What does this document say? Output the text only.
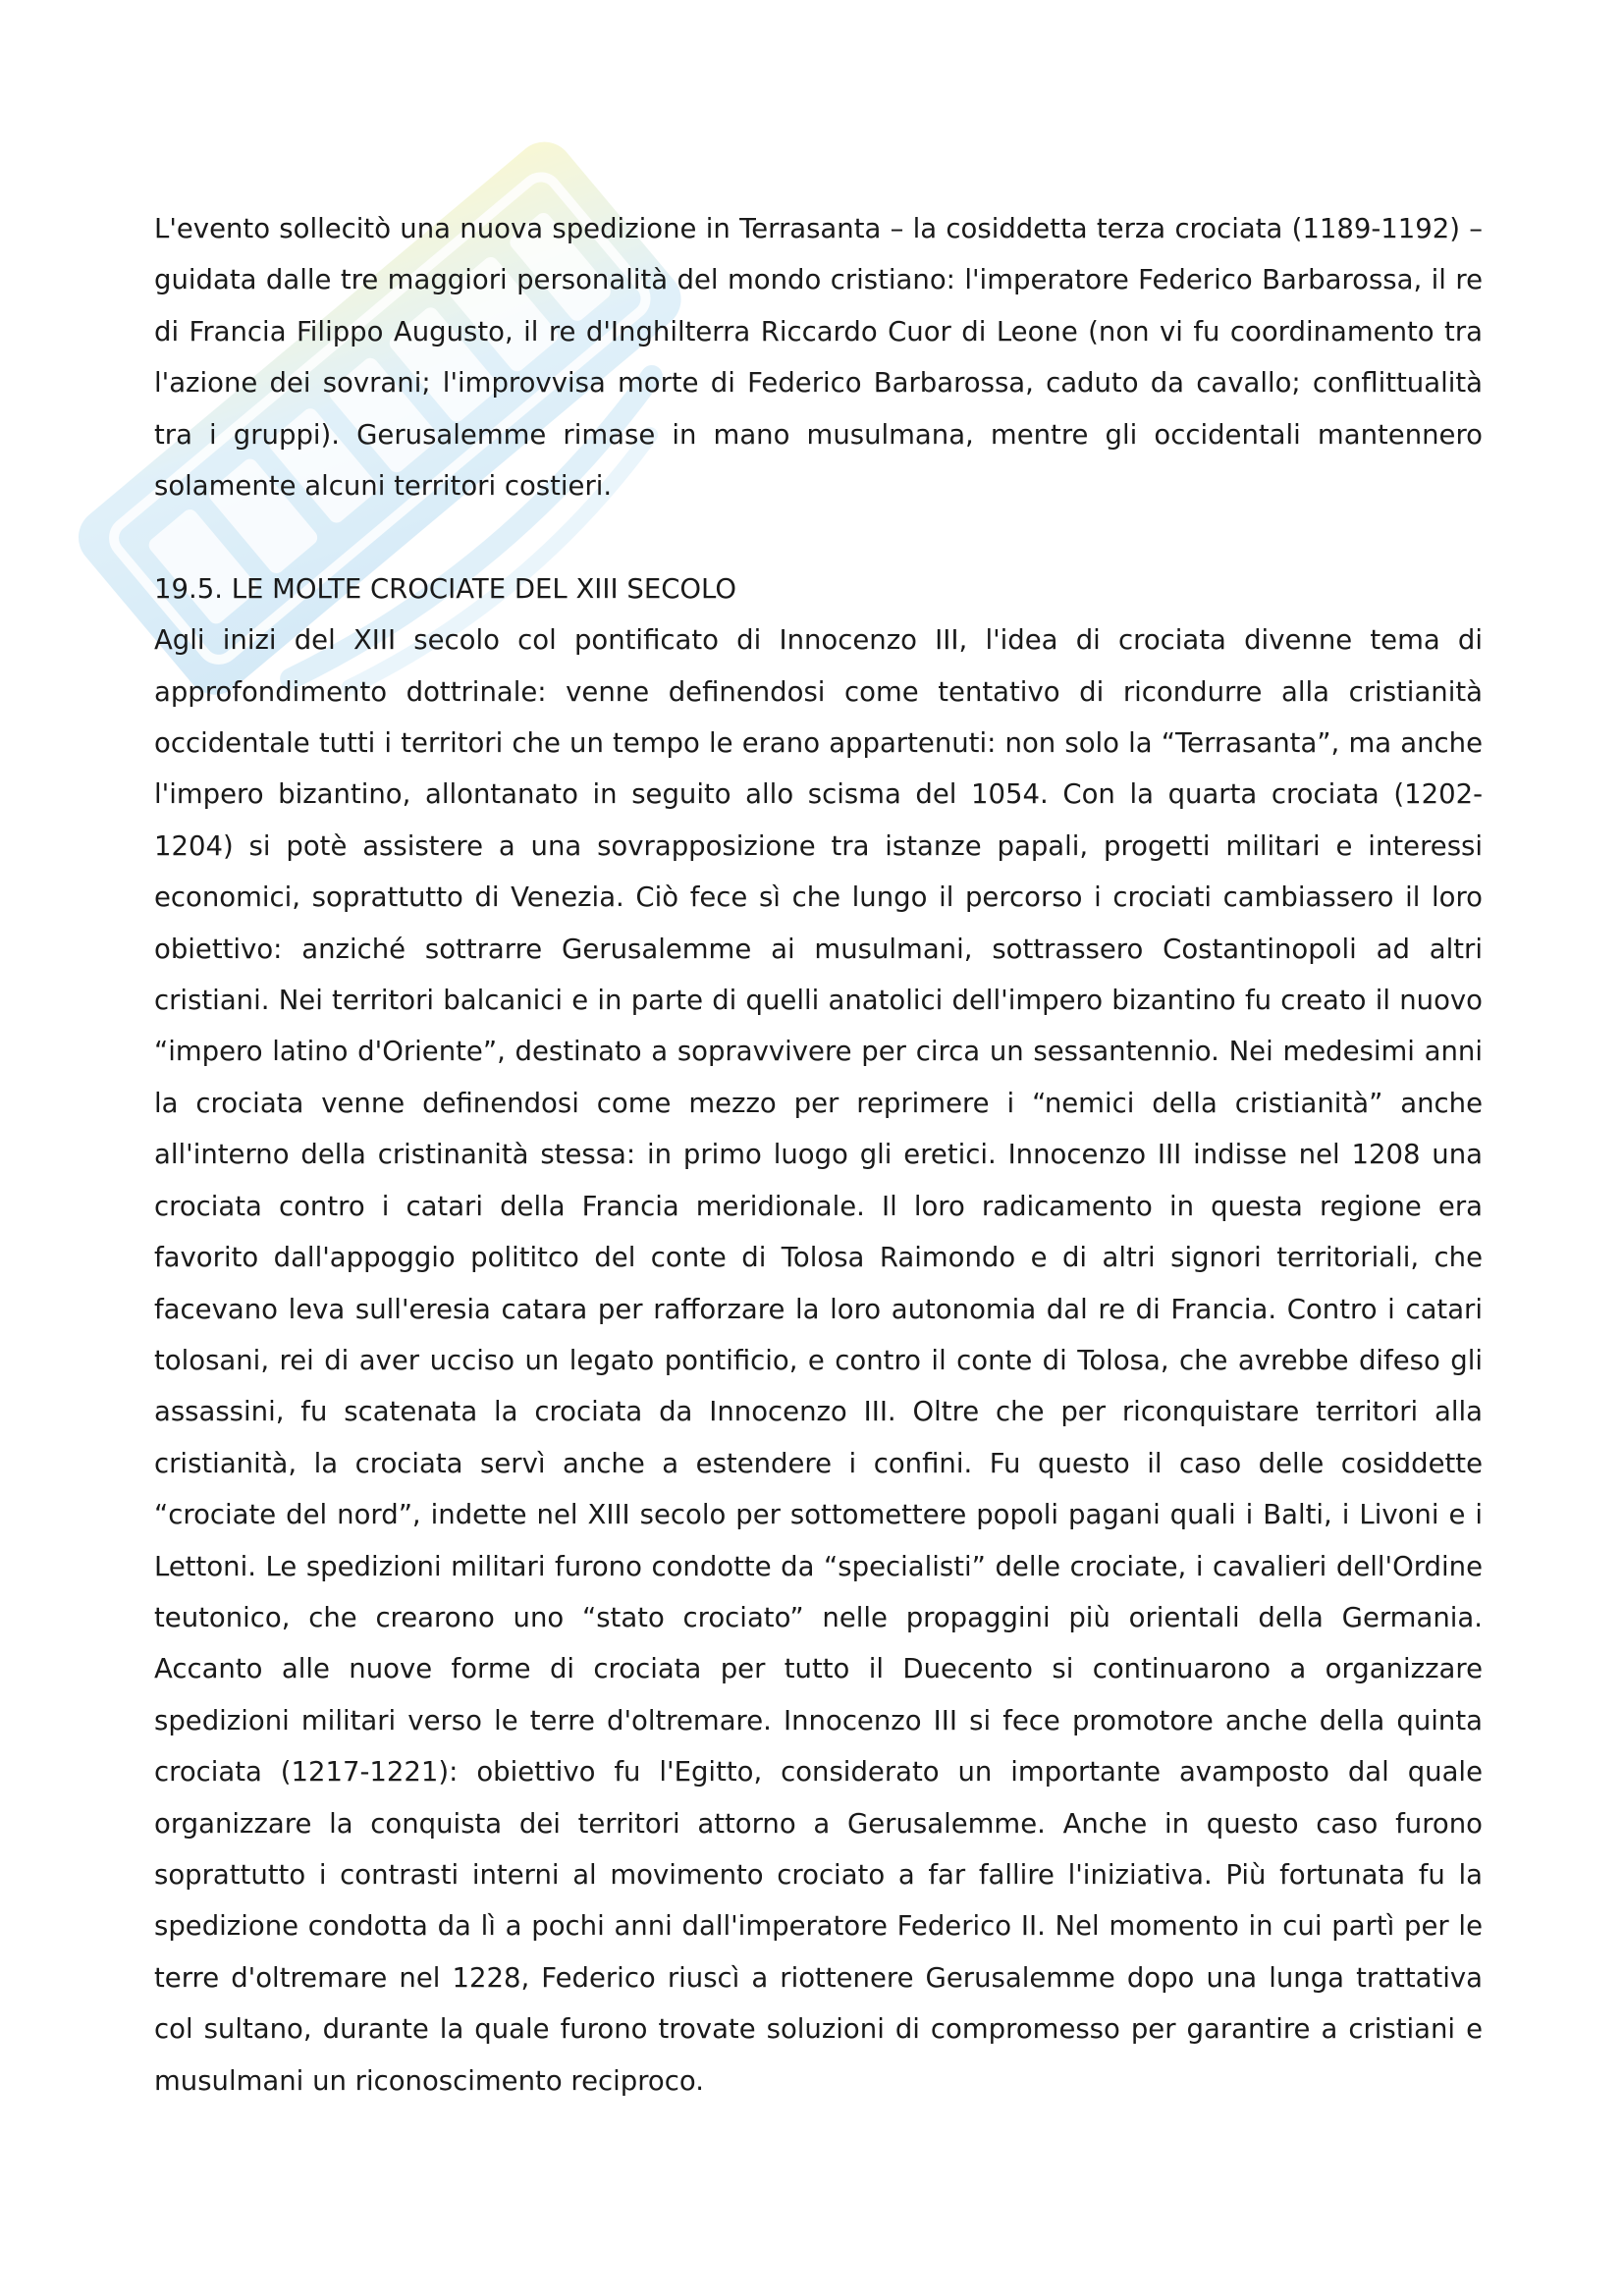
L'evento sollecitò una nuova spedizione in Terrasanta – la cosiddetta terza crociata (1189-1192) – guidata dalle tre maggiori personalità del mondo cristiano: l'imperatore Federico Barbarossa, il re di Francia Filippo Augusto, il re d'Inghilterra Riccardo Cuor di Leone (non vi fu coordinamento tra l'azione dei sovrani; l'improvvisa morte di Federico Barbarossa, caduto da cavallo; conflittualità tra i gruppi). Gerusalemme rimase in mano musulmana, mentre gli occidentali mantennero solamente alcuni territori costieri.

19.5. LE MOLTE CROCIATE DEL XIII SECOLO

Agli inizi del XIII secolo col pontificato di Innocenzo III, l'idea di crociata divenne tema di approfondimento dottrinale: venne definendosi come tentativo di ricondurre alla cristianità occidentale tutti i territori che un tempo le erano appartenuti: non solo la “Terrasanta”, ma anche l'impero bizantino, allontanato in seguito allo scisma del 1054. Con la quarta crociata (1202-1204) si potè assistere a una sovrapposizione tra istanze papali, progetti militari e interessi economici, soprattutto di Venezia. Ciò fece sì che lungo il percorso i crociati cambiassero il loro obiettivo: anziché sottrarre Gerusalemme ai musulmani, sottrassero Costantinopoli ad altri cristiani. Nei territori balcanici e in parte di quelli anatolici dell'impero bizantino fu creato il nuovo “impero latino d'Oriente”, destinato a sopravvivere per circa un sessantennio. Nei medesimi anni la crociata venne definendosi come mezzo per reprimere i “nemici della cristianità” anche all'interno della cristinanità stessa: in primo luogo gli eretici. Innocenzo III indisse nel 1208 una crociata contro i catari della Francia meridionale. Il loro radicamento in questa regione era favorito dall'appoggio polititco del conte di Tolosa Raimondo e di altri signori territoriali, che facevano leva sull'eresia catara per rafforzare la loro autonomia dal re di Francia. Contro i catari tolosani, rei di aver ucciso un legato pontificio, e contro il conte di Tolosa, che avrebbe difeso gli assassini, fu scatenata la crociata da Innocenzo III. Oltre che per riconquistare territori alla cristianità, la crociata servì anche a estendere i confini. Fu questo il caso delle cosiddette “crociate del nord”, indette nel XIII secolo per sottomettere popoli pagani quali i Balti, i Livoni e i Lettoni. Le spedizioni militari furono condotte da “specialisti” delle crociate, i cavalieri dell'Ordine teutonico, che crearono uno “stato crociato” nelle propaggini più orientali della Germania. Accanto alle nuove forme di crociata per tutto il Duecento si continuarono a organizzare spedizioni militari verso le terre d'oltremare. Innocenzo III si fece promotore anche della quinta crociata (1217-1221): obiettivo fu l'Egitto, considerato un importante avamposto dal quale organizzare la conquista dei territori attorno a Gerusalemme. Anche in questo caso furono soprattutto i contrasti interni al movimento crociato a far fallire l'iniziativa. Più fortunata fu la spedizione condotta da lì a pochi anni dall'imperatore Federico II. Nel momento in cui partì per le terre d'oltremare nel 1228, Federico riuscì a riottenere Gerusalemme dopo una lunga trattativa col sultano, durante la quale furono trovate soluzioni di compromesso per garantire a cristiani e musulmani un riconoscimento reciproco.
